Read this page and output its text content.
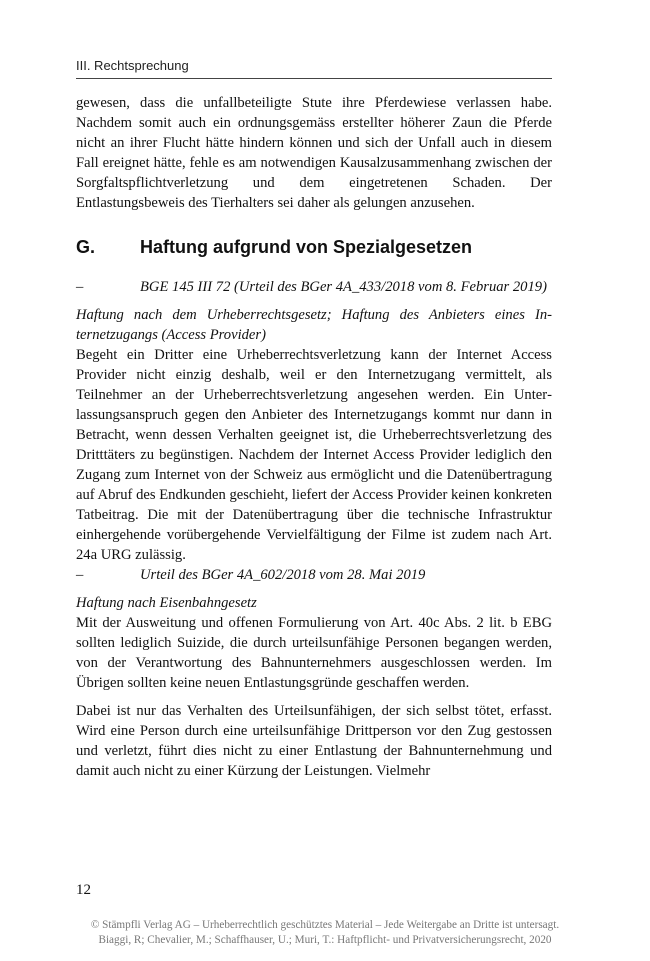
III. Rechtsprechung

gewesen, dass die unfallbeteiligte Stute ihre Pferdewiese verlassen habe. Nachdem somit auch ein ordnungsgemäss erstellter höherer Zaun die Pferde nicht an ihrer Flucht hätte hindern können und sich der Unfall auch in diesem Fall ereignet hätte, fehle es am notwendigen Kausalzusammenhang zwischen der Sorgfaltspflichtverletzung und dem eingetretenen Schaden. Der Entlastungsbeweis des Tierhalters sei daher als gelungen anzusehen.

G.	Haftung aufgrund von Spezialgesetzen
–	BGE 145 III 72 (Urteil des BGer 4A_433/2018 vom 8. Februar 2019)

Haftung nach dem Urheberrechtsgesetz; Haftung des Anbieters eines Internetzugangs (Access Provider)

Begeht ein Dritter eine Urheberrechtsverletzung kann der Internet Access Provider nicht einzig deshalb, weil er den Internetzugang vermittelt, als Teilnehmer an der Urheberrechtsverletzung angesehen werden. Ein Unterlassungsanspruch gegen den Anbieter des Internetzugangs kommt nur dann in Betracht, wenn dessen Verhalten geeignet ist, die Urheberrechtsverletzung des Dritttäters zu begünstigen. Nachdem der Internet Access Provider lediglich den Zugang zum Internet von der Schweiz aus ermöglicht und die Datenübertragung auf Abruf des Endkunden geschieht, liefert der Access Provider keinen konkreten Tatbeitrag. Die mit der Datenübertragung über die technische Infrastruktur einhergehende vorübergehende Vervielfältigung der Filme ist zudem nach Art. 24a URG zulässig.

–	Urteil des BGer 4A_602/2018 vom 28. Mai 2019

Haftung nach Eisenbahngesetz

Mit der Ausweitung und offenen Formulierung von Art. 40c Abs. 2 lit. b EBG sollten lediglich Suizide, die durch urteilsunfähige Personen begangen werden, von der Verantwortung des Bahnunternehmers ausgeschlossen werden. Im Übrigen sollten keine neuen Entlastungsgründe geschaffen werden.

Dabei ist nur das Verhalten des Urteilsunfähigen, der sich selbst tötet, erfasst. Wird eine Person durch eine urteilsunfähige Drittperson vor den Zug gestossen und verletzt, führt dies nicht zu einer Entlastung der Bahnunternehmung und damit auch nicht zu einer Kürzung der Leistungen. Vielmehr

12
© Stämpfli Verlag AG – Urheberrechtlich geschütztes Material – Jede Weitergabe an Dritte ist untersagt.
Biaggi, R; Chevalier, M.; Schaffhauser, U.; Muri, T.: Haftpflicht- und Privatversicherungsrecht, 2020
